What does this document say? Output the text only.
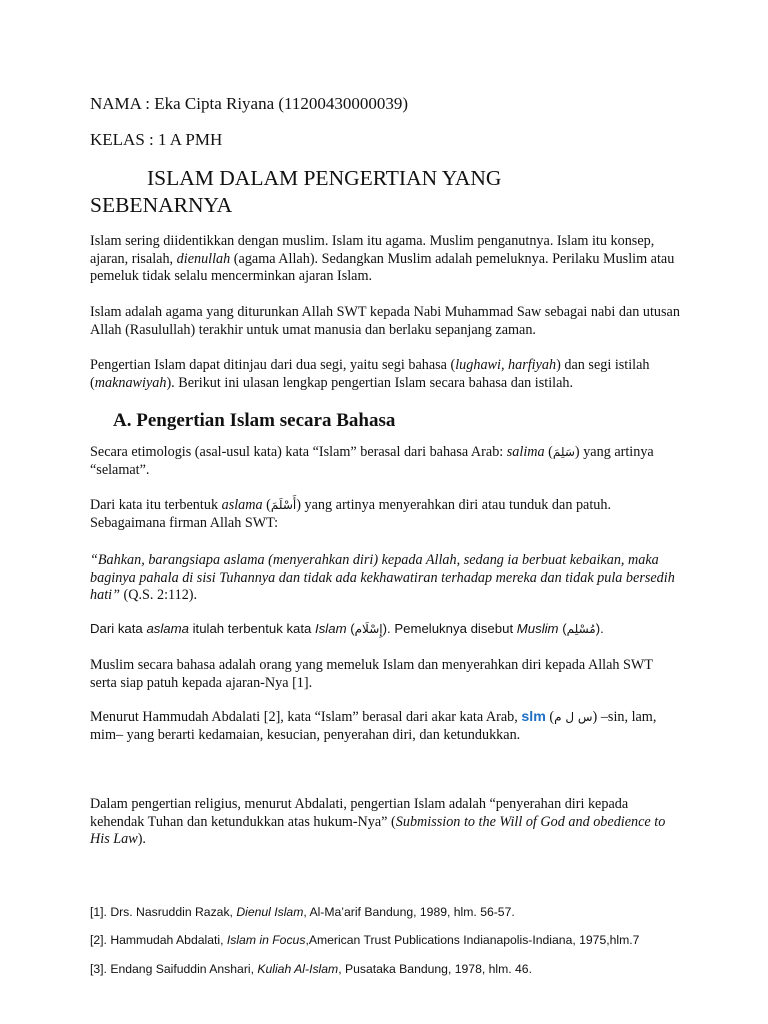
NAMA : Eka Cipta Riyana (11200430000039)

KELAS : 1 A PMH

ISLAM DALAM PENGERTIAN YANG
SEBENARNYA

Islam sering diidentikkan dengan muslim. Islam itu agama. Muslim penganutnya. Islam itu konsep, ajaran, risalah, dienullah (agama Allah). Sedangkan Muslim adalah pemeluknya. Perilaku Muslim atau pemeluk tidak selalu mencerminkan ajaran Islam.

Islam adalah agama yang diturunkan Allah SWT kepada Nabi Muhammad Saw sebagai nabi dan utusan Allah (Rasulullah) terakhir untuk umat manusia dan berlaku sepanjang zaman.

Pengertian Islam dapat ditinjau dari dua segi, yaitu segi bahasa (lughawi, harfiyah) dan segi istilah (maknawiyah). Berikut ini ulasan lengkap pengertian Islam secara bahasa dan istilah.

A. Pengertian Islam secara Bahasa

Secara etimologis (asal-usul kata) kata “Islam” berasal dari bahasa Arab: salima (سَلِمَ) yang artinya “selamat”.

Dari kata itu terbentuk aslama (أَسْلَمَ) yang artinya menyerahkan diri atau tunduk dan patuh. Sebagaimana firman Allah SWT:

“Bahkan, barangsiapa aslama (menyerahkan diri) kepada Allah, sedang ia berbuat kebaikan, maka baginya pahala di sisi Tuhannya dan tidak ada kekhawatiran terhadap mereka dan tidak pula bersedih hati” (Q.S. 2:112).

Dari kata aslama itulah terbentuk kata Islam (إِسْلَام). Pemeluknya disebut Muslim (مُسْلِم).

Muslim secara bahasa adalah orang yang memeluk Islam dan menyerahkan diri kepada Allah SWT serta siap patuh kepada ajaran-Nya [1].

Menurut Hammudah Abdalati [2], kata “Islam” berasal dari akar kata Arab, slm (س ل م) –sin, lam, mim– yang berarti kedamaian, kesucian, penyerahan diri, dan ketundukkan.

Dalam pengertian religius, menurut Abdalati, pengertian Islam adalah “penyerahan diri kepada kehendak Tuhan dan ketundukkan atas hukum-Nya” (Submission to the Will of God and obedience to His Law).

[1]. Drs. Nasruddin Razak, Dienul Islam, Al-Ma’arif Bandung, 1989, hlm. 56-57.

[2]. Hammudah Abdalati, Islam in Focus,American Trust Publications Indianapolis-Indiana, 1975,hlm.7

[3]. Endang Saifuddin Anshari, Kuliah Al-Islam, Pusataka Bandung, 1978, hlm. 46.
